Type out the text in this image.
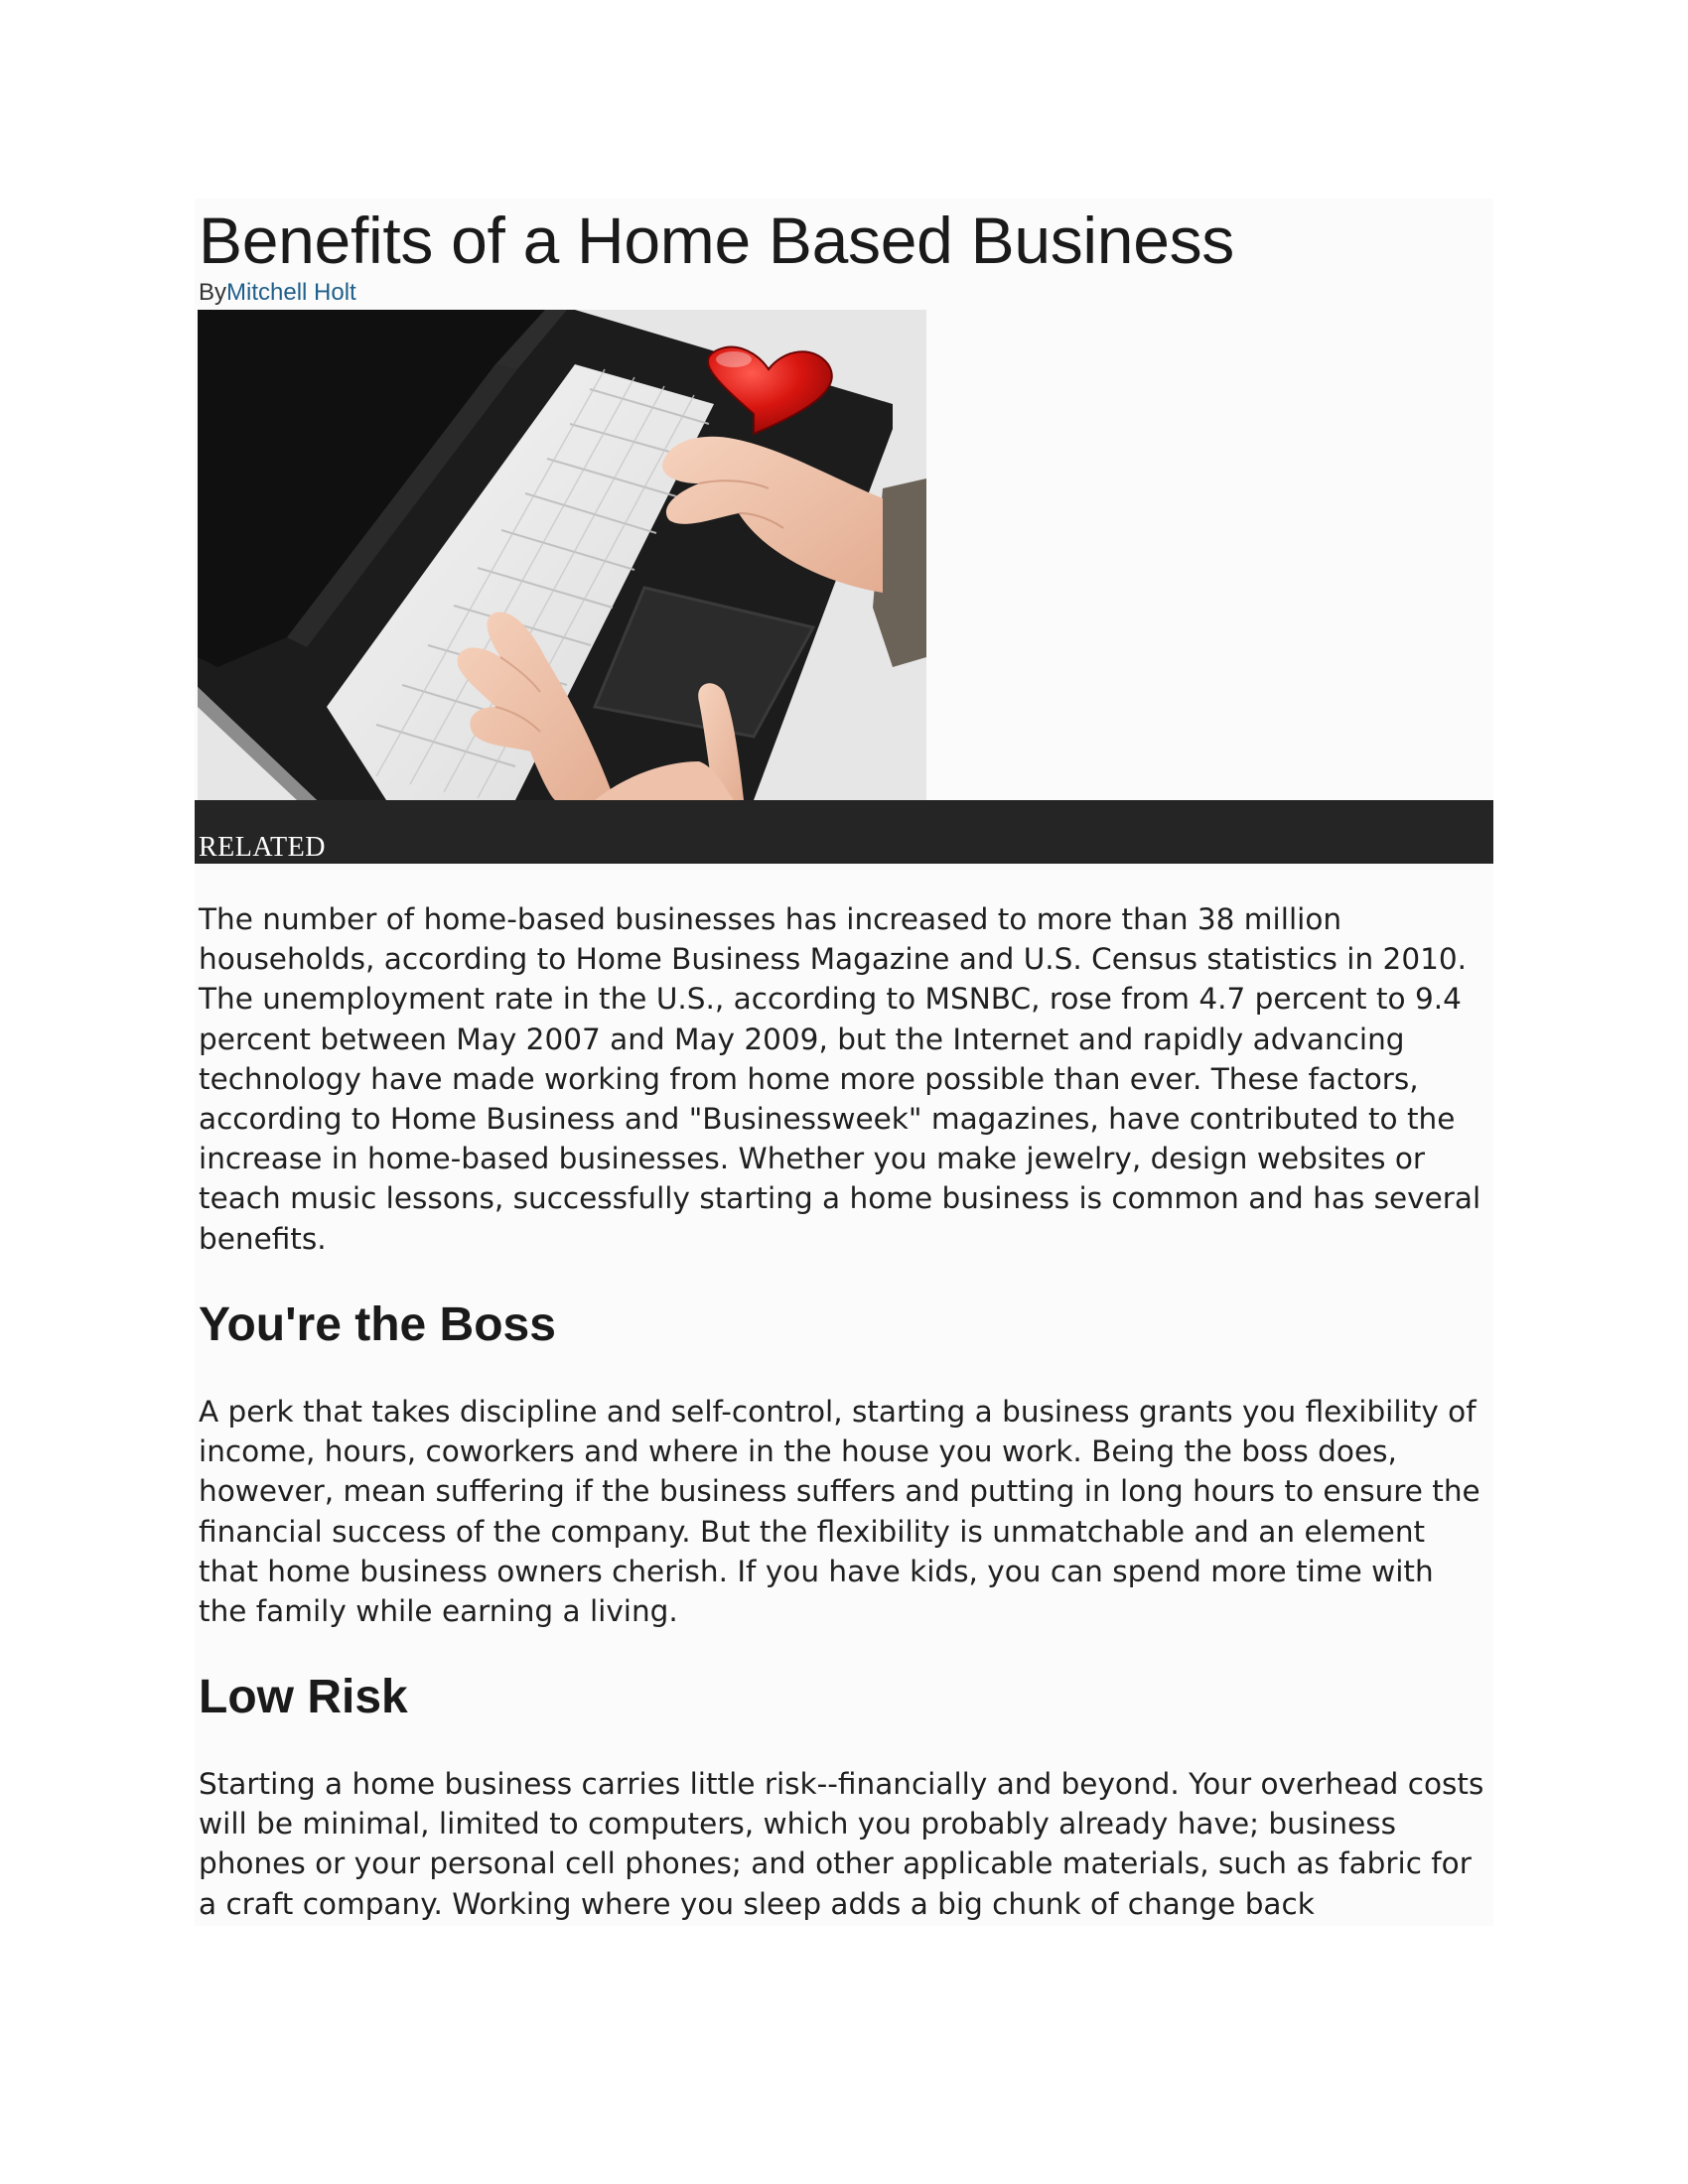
Benefits of a Home Based Business
ByMitchell Holt
RELATED

The number of home-based businesses has increased to more than 38 million households, according to Home Business Magazine and U.S. Census statistics in 2010. The unemployment rate in the U.S., according to MSNBC, rose from 4.7 percent to 9.4 percent between May 2007 and May 2009, but the Internet and rapidly advancing technology have made working from home more possible than ever. These factors, according to Home Business and "Businessweek" magazines, have contributed to the increase in home-based businesses. Whether you make jewelry, design websites or teach music lessons, successfully starting a home business is common and has several benefits.

You're the Boss

A perk that takes discipline and self-control, starting a business grants you flexibility of income, hours, coworkers and where in the house you work. Being the boss does, however, mean suffering if the business suffers and putting in long hours to ensure the financial success of the company. But the flexibility is unmatchable and an element that home business owners cherish. If you have kids, you can spend more time with the family while earning a living.

Low Risk

Starting a home business carries little risk--financially and beyond. Your overhead costs will be minimal, limited to computers, which you probably already have; business phones or your personal cell phones; and other applicable materials, such as fabric for a craft company. Working where you sleep adds a big chunk of change back
